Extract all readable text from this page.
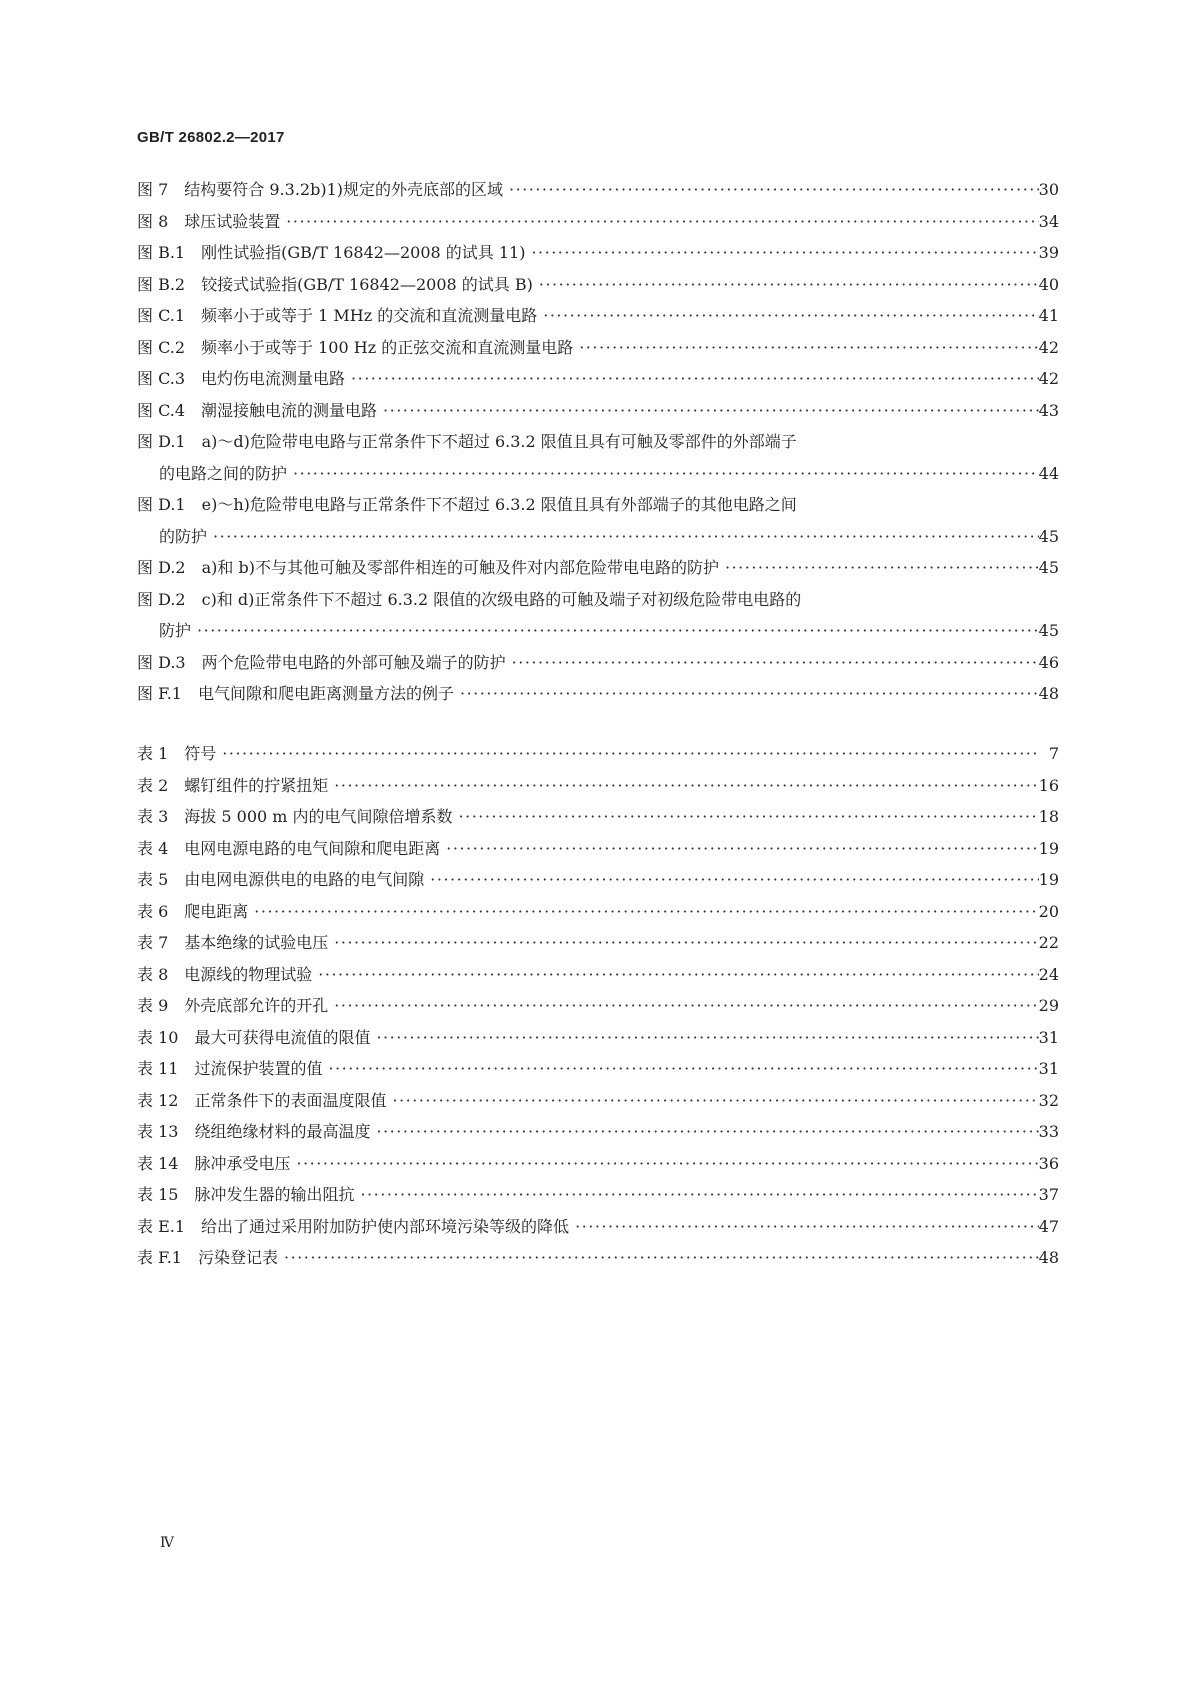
GB/T 26802.2—2017
图 7	结构要符合 9.3.2b)1)规定的外壳底部的区域 ·····	30
图 8	球压试验装置 ·····	34
图 B.1	刚性试验指(GB/T 16842—2008 的试具 11) ·····	39
图 B.2	铰接式试验指(GB/T 16842—2008 的试具 B) ·····	40
图 C.1	频率小于或等于 1 MHz 的交流和直流测量电路 ·····	41
图 C.2	频率小于或等于 100 Hz 的正弦交流和直流测量电路 ·····	42
图 C.3	电灼伤电流测量电路 ·····	42
图 C.4	潮湿接触电流的测量电路 ·····	43
图 D.1	a)～d)危险带电电路与正常条件下不超过 6.3.2 限值且具有可触及零部件的外部端子
的电路之间的防护 ·····	44
图 D.1	e)～h)危险带电电路与正常条件下不超过 6.3.2 限值且具有外部端子的其他电路之间
的防护 ·····	45
图 D.2	a)和 b)不与其他可触及零部件相连的可触及件对内部危险带电电路的防护 ·····	45
图 D.2	c)和 d)正常条件下不超过 6.3.2 限值的次级电路的可触及端子对初级危险带电电路的
防护 ·····	45
图 D.3	两个危险带电电路的外部可触及端子的防护 ·····	46
图 F.1	电气间隙和爬电距离测量方法的例子 ·····	48
表 1	符号 ·····	7
表 2	螺钉组件的拧紧扭矩 ·····	16
表 3	海拔 5 000 m 内的电气间隙倍增系数 ·····	18
表 4	电网电源电路的电气间隙和爬电距离 ·····	19
表 5	由电网电源供电的电路的电气间隙 ·····	19
表 6	爬电距离 ·····	20
表 7	基本绝缘的试验电压 ·····	22
表 8	电源线的物理试验 ·····	24
表 9	外壳底部允许的开孔 ·····	29
表 10	最大可获得电流值的限值 ·····	31
表 11	过流保护装置的值 ·····	31
表 12	正常条件下的表面温度限值 ·····	32
表 13	绕组绝缘材料的最高温度 ·····	33
表 14	脉冲承受电压 ·····	36
表 15	脉冲发生器的输出阻抗 ·····	37
表 E.1	给出了通过采用附加防护使内部环境污染等级的降低 ·····	47
表 F.1	污染登记表 ·····	48
Ⅳ
